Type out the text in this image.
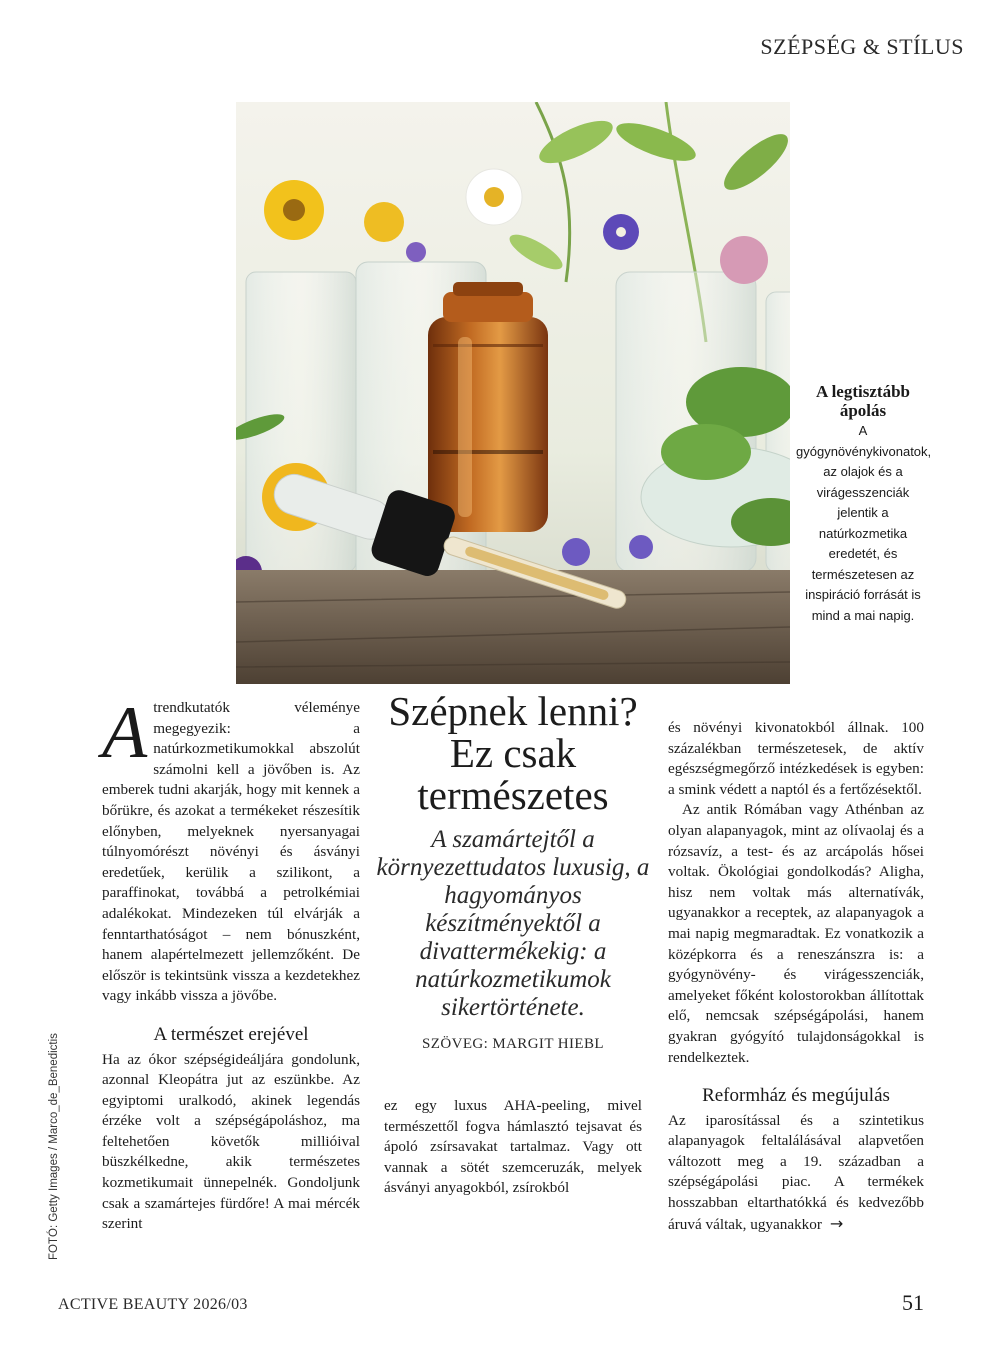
SZÉPSÉG & STÍLUS
A legtisztább ápolás
A gyógynövénykivonatok, az olajok és a virágesszenciák jelentik a natúrkozmetika eredetét, és természetesen az inspiráció forrását is mind a mai napig.
A trendkutatók véleménye megegyezik: a natúrkozmetikumokkal abszolút számolni kell a jövőben is. Az emberek tudni akarják, hogy mit kennek a bőrükre, és azokat a termékeket részesítik előnyben, melyeknek nyersanyagai túlnyomórészt növényi és ásványi eredetűek, kerülik a szilikont, a paraffinokat, továbbá a petrolkémiai adalékokat. Mindezeken túl elvárják a fenntarthatóságot – nem bónuszként, hanem alapértelmezett jellemzőként. De először is tekintsünk vissza a kezdetekhez vagy inkább vissza a jövőbe.

A természet erejével

Ha az ókor szépségideáljára gondolunk, azonnal Kleopátra jut az eszünkbe. Az egyiptomi uralkodó, akinek legendás érzéke volt a szépségápoláshoz, ma feltehetően követők millióival büszkélkedne, akik természetes kozmetikumait ünnepelnék. Gondoljunk csak a szamártejes fürdőre! A mai mércék szerint

Szépnek lenni? Ez csak természetes
A szamártejtől a környezettudatos luxusig, a hagyományos készítményektől a divattermékekig: a natúrkozmetikumok sikertörténete.
SZÖVEG: MARGIT HIEBL

ez egy luxus AHA-peeling, mivel természettől fogva hámlasztó tejsavat és ápoló zsírsavakat tartalmaz. Vagy ott vannak a sötét szemceruzák, melyek ásványi anyagokból, zsírokból

és növényi kivonatokból állnak. 100 százalékban természetesek, de aktív egészségmegőrző intézkedések is egyben: a smink védett a naptól és a fertőzésektől.

Az antik Rómában vagy Athénban az olyan alapanyagok, mint az olívaolaj és a rózsavíz, a test- és az arcápolás hősei voltak. Ökológiai gondolkodás? Aligha, hisz nem voltak más alternatívák, ugyanakkor a receptek, az alapanyagok a mai napig megmaradtak. Ez vonatkozik a középkorra és a reneszánszra is: a gyógynövény- és virágesszenciák, amelyeket főként kolostorokban állítottak elő, nemcsak szépségápolási, hanem gyakran gyógyító tulajdonságokkal is rendelkeztek.

Reformház és megújulás

Az iparosítással és a szintetikus alapanyagok feltalálásával alapvetően változott meg a 19. században a szépségápolási piac. A termékek hosszabban eltarthatókká és kedvezőbb áruvá váltak, ugyanakkor →

FOTÓ: Getty Images / Marco_de_Benedictis
ACTIVE BEAUTY 2026/03	51
